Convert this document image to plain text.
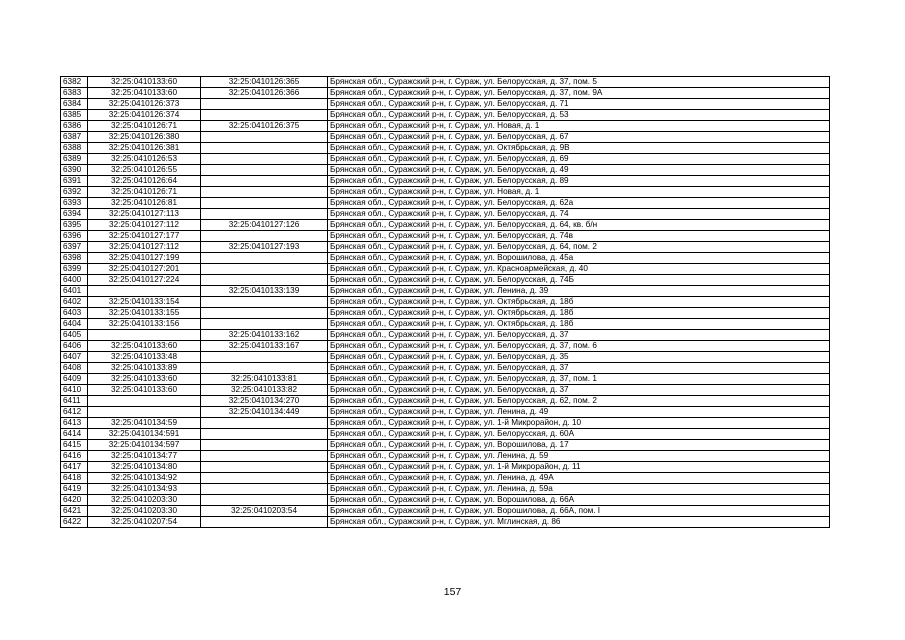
6382	32:25:0410133:60	32:25:0410126:365	Брянская обл., Суражский р-н, г. Сураж, ул. Белорусская, д. 37, пом. 5
6383	32:25:0410133:60	32:25:0410126:366	Брянская обл., Суражский р-н, г. Сураж, ул. Белорусская, д. 37, пом. 9А
6384	32:25:0410126:373		Брянская обл., Суражский р-н, г. Сураж, ул. Белорусская, д. 71
6385	32:25:0410126:374		Брянская обл., Суражский р-н, г. Сураж, ул. Белорусская, д. 53
6386	32:25:0410126:71	32:25:0410126:375	Брянская обл., Суражский р-н, г. Сураж, ул. Новая, д. 1
6387	32:25:0410126:380		Брянская обл., Суражский р-н, г. Сураж, ул. Белорусская, д. 67
6388	32:25:0410126:381		Брянская обл., Суражский р-н, г. Сураж, ул. Октябрьская, д. 9В
6389	32:25:0410126:53		Брянская обл., Суражский р-н, г. Сураж, ул. Белорусская, д. 69
6390	32:25:0410126:55		Брянская обл., Суражский р-н, г. Сураж, ул. Белорусская, д. 49
6391	32:25:0410126:64		Брянская обл., Суражский р-н, г. Сураж, ул. Белорусская, д. 89
6392	32:25:0410126:71		Брянская обл., Суражский р-н, г. Сураж, ул. Новая, д. 1
6393	32:25:0410126:81		Брянская обл., Суражский р-н, г. Сураж, ул. Белорусская, д. 62а
6394	32:25:0410127:113		Брянская обл., Суражский р-н, г. Сураж, ул. Белорусская, д. 74
6395	32:25:0410127:112	32:25:0410127:126	Брянская обл., Суражский р-н, г. Сураж, ул. Белорусская, д. 64, кв. б/н
6396	32:25:0410127:177		Брянская обл., Суражский р-н, г. Сураж, ул. Белорусская, д. 74в
6397	32:25:0410127:112	32:25:0410127:193	Брянская обл., Суражский р-н, г. Сураж, ул. Белорусская, д. 64, пом. 2
6398	32:25:0410127:199		Брянская обл., Суражский р-н, г. Сураж, ул. Ворошилова, д. 45а
6399	32:25:0410127:201		Брянская обл., Суражский р-н, г. Сураж, ул. Красноармейская, д. 40
6400	32:25:0410127:224		Брянская обл., Суражский р-н, г. Сураж, ул. Белорусская, д. 74Б
6401		32:25:0410133:139	Брянская обл., Суражский р-н, г. Сураж, ул. Ленина, д. 39
6402	32:25:0410133:154		Брянская обл., Суражский р-н, г. Сураж, ул. Октябрьская, д. 18б
6403	32:25:0410133:155		Брянская обл., Суражский р-н, г. Сураж, ул. Октябрьская, д. 18б
6404	32:25:0410133:156		Брянская обл., Суражский р-н, г. Сураж, ул. Октябрьская, д. 18б
6405		32:25:0410133:162	Брянская обл., Суражский р-н, г. Сураж, ул. Белорусская, д. 37
6406	32:25:0410133:60	32:25:0410133:167	Брянская обл., Суражский р-н, г. Сураж, ул. Белорусская, д. 37, пом. 6
6407	32:25:0410133:48		Брянская обл., Суражский р-н, г. Сураж, ул. Белорусская, д. 35
6408	32:25:0410133:89		Брянская обл., Суражский р-н, г. Сураж, ул. Белорусская, д. 37
6409	32:25:0410133:60	32:25:0410133:81	Брянская обл., Суражский р-н, г. Сураж, ул. Белорусская, д. 37, пом. 1
6410	32:25:0410133:60	32:25:0410133:82	Брянская обл., Суражский р-н, г. Сураж, ул. Белорусская, д. 37
6411		32:25:0410134:270	Брянская обл., Суражский р-н, г. Сураж, ул. Белорусская, д. 62, пом. 2
6412		32:25:0410134:449	Брянская обл., Суражский р-н, г. Сураж, ул. Ленина, д. 49
6413	32:25:0410134:59		Брянская обл., Суражский р-н, г. Сураж, ул. 1-й Микрорайон, д. 10
6414	32:25:0410134:591		Брянская обл., Суражский р-н, г. Сураж, ул. Белорусская, д. 60А
6415	32:25:0410134:597		Брянская обл., Суражский р-н, г. Сураж, ул. Ворошилова, д. 17
6416	32:25:0410134:77		Брянская обл., Суражский р-н, г. Сураж, ул. Ленина, д. 59
6417	32:25:0410134:80		Брянская обл., Суражский р-н, г. Сураж, ул. 1-й Микрорайон, д. 11
6418	32:25:0410134:92		Брянская обл., Суражский р-н, г. Сураж, ул. Ленина, д. 49А
6419	32:25:0410134:93		Брянская обл., Суражский р-н, г. Сураж, ул. Ленина, д. 59а
6420	32:25:0410203:30		Брянская обл., Суражский р-н, г. Сураж, ул. Ворошилова, д. 66А
6421	32:25:0410203:30	32:25:0410203:54	Брянская обл., Суражский р-н, г. Сураж, ул. Ворошилова, д. 66А, пом. I
6422	32:25:0410207:54		Брянская обл., Суражский р-н, г. Сураж, ул. Мглинская, д. 86
157
